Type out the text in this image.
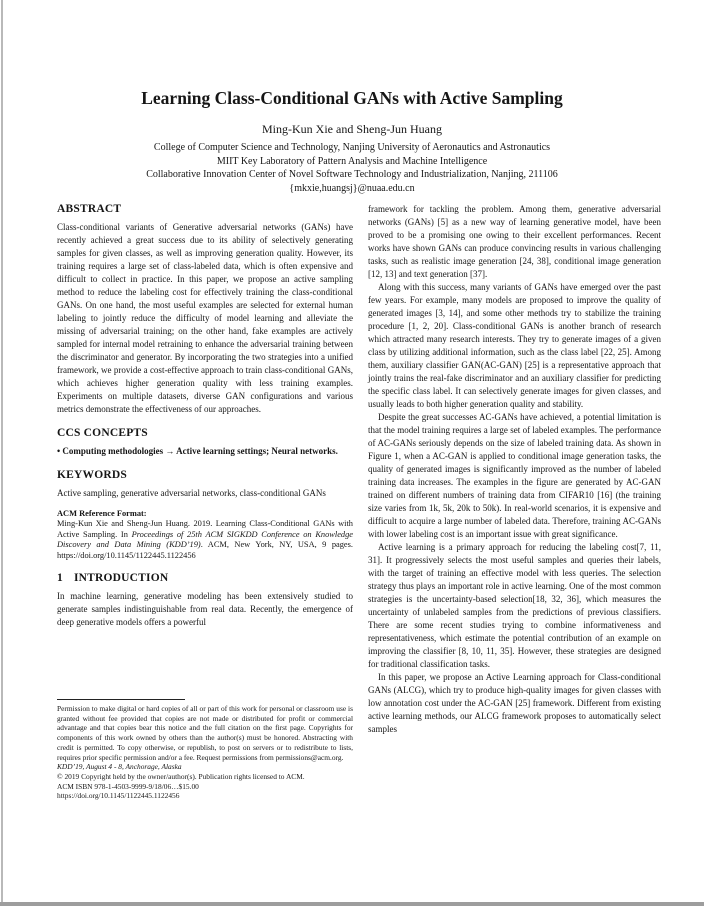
Learning Class-Conditional GANs with Active Sampling
Ming-Kun Xie and Sheng-Jun Huang
College of Computer Science and Technology, Nanjing University of Aeronautics and Astronautics
MIIT Key Laboratory of Pattern Analysis and Machine Intelligence
Collaborative Innovation Center of Novel Software Technology and Industrialization, Nanjing, 211106
{mkxie,huangsj}@nuaa.edu.cn
ABSTRACT

Class-conditional variants of Generative adversarial networks (GANs) have recently achieved a great success due to its ability of selectively generating samples for given classes, as well as improving generation quality. However, its training requires a large set of class-labeled data, which is often expensive and difficult to collect in practice. In this paper, we propose an active sampling method to reduce the labeling cost for effectively training the class-conditional GANs. On one hand, the most useful examples are selected for external human labeling to jointly reduce the difficulty of model learning and alleviate the missing of adversarial training; on the other hand, fake examples are actively sampled for internal model retraining to enhance the adversarial training between the discriminator and generator. By incorporating the two strategies into a unified framework, we provide a cost-effective approach to train class-conditional GANs, which achieves higher generation quality with less training examples. Experiments on multiple datasets, diverse GAN configurations and various metrics demonstrate the effectiveness of our approaches.

CCS CONCEPTS

• Computing methodologies → Active learning settings; Neural networks.

KEYWORDS

Active sampling, generative adversarial networks, class-conditional GANs

ACM Reference Format:

Ming-Kun Xie and Sheng-Jun Huang. 2019. Learning Class-Conditional GANs with Active Sampling. In Proceedings of 25th ACM SIGKDD Conference on Knowledge Discovery and Data Mining (KDD’19). ACM, New York, NY, USA, 9 pages. https://doi.org/10.1145/1122445.1122456

1 INTRODUCTION

In machine learning, generative modeling has been extensively studied to generate samples indistinguishable from real data. Recently, the emergence of deep generative models offers a powerful

Permission to make digital or hard copies of all or part of this work for personal or classroom use is granted without fee provided that copies are not made or distributed for profit or commercial advantage and that copies bear this notice and the full citation on the first page. Copyrights for components of this work owned by others than the author(s) must be honored. Abstracting with credit is permitted. To copy otherwise, or republish, to post on servers or to redistribute to lists, requires prior specific permission and/or a fee. Request permissions from permissions@acm.org.

KDD’19, August 4 - 8, Anchorage, Alaska

© 2019 Copyright held by the owner/author(s). Publication rights licensed to ACM.

ACM ISBN 978-1-4503-9999-9/18/06…$15.00

https://doi.org/10.1145/1122445.1122456

framework for tackling the problem. Among them, generative adversarial networks (GANs) [5] as a new way of learning generative model, have been proved to be a promising one owing to their excellent performances. Recent works have shown GANs can produce convincing results in various challenging tasks, such as realistic image generation [24, 38], conditional image generation [12, 13] and text generation [37].

Along with this success, many variants of GANs have emerged over the past few years. For example, many models are proposed to improve the quality of generated images [3, 14], and some other methods try to stabilize the training procedure [1, 2, 20]. Class-conditional GANs is another branch of research which attracted many research interests. They try to generate images of a given class by utilizing additional information, such as the class label [22, 25]. Among them, auxiliary classifier GAN(AC-GAN) [25] is a representative approach that jointly trains the real-fake discriminator and an auxiliary classifier for predicting the specific class label. It can selectively generate images for given classes, and usually leads to both higher generation quality and stability.

Despite the great successes AC-GANs have achieved, a potential limitation is that the model training requires a large set of labeled examples. The performance of AC-GANs seriously depends on the size of labeled training data. As shown in Figure 1, when a AC-GAN is applied to conditional image generation tasks, the quality of generated images is significantly improved as the number of labeled training data increases. The examples in the figure are generated by AC-GAN trained on different numbers of training data from CIFAR10 [16] (the training size varies from 1k, 5k, 20k to 50k). In real-world scenarios, it is expensive and difficult to acquire a large number of labeled data. Therefore, training AC-GANs with lower labeling cost is an important issue with great significance.

Active learning is a primary approach for reducing the labeling cost[7, 11, 31]. It progressively selects the most useful samples and queries their labels, with the target of training an effective model with less queries. The selection strategy thus plays an important role in active learning. One of the most common strategies is the uncertainty-based selection[18, 32, 36], which measures the uncertainty of unlabeled samples from the predictions of previous classifiers. There are some recent studies trying to combine informativeness and representativeness, which estimate the potential contribution of an example on improving the classifier [8, 10, 11, 35]. However, these strategies are designed for traditional classification tasks.

In this paper, we propose an Active Learning approach for Class-conditional GANs (ALCG), which try to produce high-quality images for given classes with low annotation cost under the AC-GAN [25] framework. Different from existing active learning methods, our ALCG framework proposes to automatically select samples
